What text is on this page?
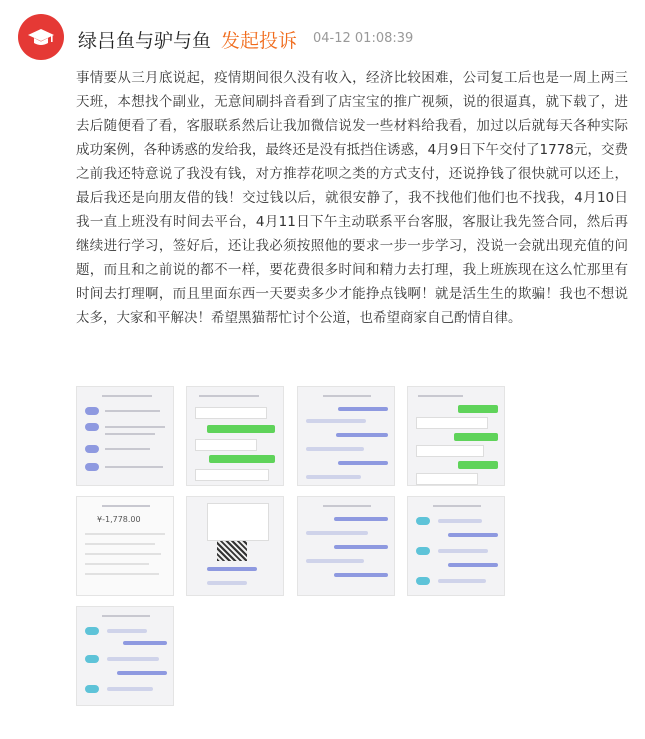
绿吕鱼与驴与鱼 发起投诉 04-12 01:08:39
事情要从三月底说起，疫情期间很久没有收入，经济比较困难，公司复工后也是一周上两三天班，本想找个副业，无意间刷抖音看到了店宝宝的推广视频，说的很逼真，就下载了，进去后随便看了看，客服联系然后让我加微信说发一些材料给我看，加过以后就每天各种实际成功案例，各种诱惑的发给我，最终还是没有抵挡住诱惑，4月9日下午交付了1778元，交费之前我还特意说了我没有钱，对方推荐花呗之类的方式支付，还说挣钱了很快就可以还上，最后我还是向朋友借的钱！交过钱以后，就很安静了，我不找他们他们也不找我，4月10日我一直上班没有时间去平台，4月11日下午主动联系平台客服，客服让我先签合同，然后再继续进行学习，签好后，还让我必须按照他的要求一步一步学习，没说一会就出现充值的问题，而且和之前说的都不一样，要花费很多时间和精力去打理，我上班族现在这么忙那里有时间去打理啊，而且里面东西一天要卖多少才能挣点钱啊！就是活生生的欺骗！我也不想说太多，大家和平解决！希望黑猫帮忙讨个公道，也希望商家自己酌情自律。
¥-1,778.00
